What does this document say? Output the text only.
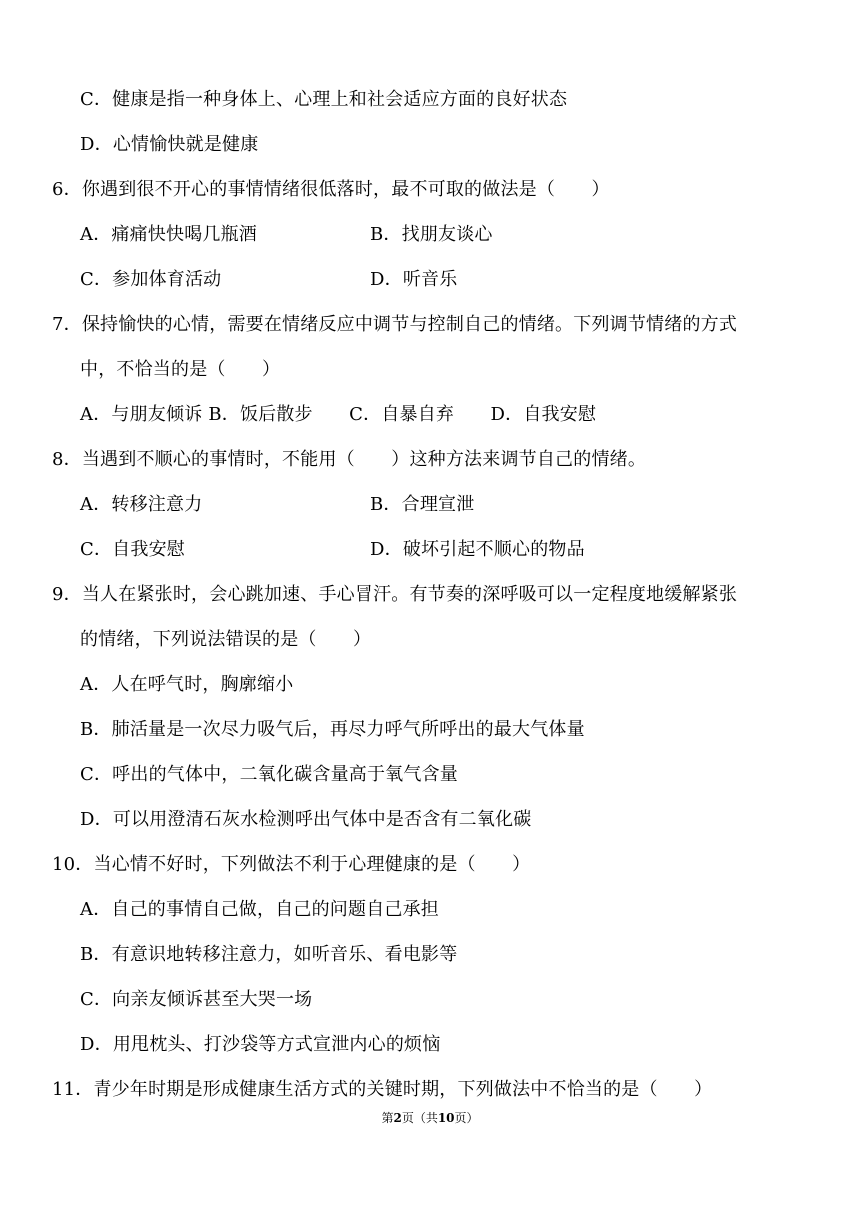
C．健康是指一种身体上、心理上和社会适应方面的良好状态
D．心情愉快就是健康
6．你遇到很不开心的事情情绪很低落时，最不可取的做法是（　　）
A．痛痛快快喝几瓶酒	B．找朋友谈心
C．参加体育活动	D．听音乐
7．保持愉快的心情，需要在情绪反应中调节与控制自己的情绪。下列调节情绪的方式
中，不恰当的是（　　）
A．与朋友倾诉 B．饭后散步　　C．自暴自弃　　D．自我安慰
8．当遇到不顺心的事情时，不能用（　　）这种方法来调节自己的情绪。
A．转移注意力	B．合理宣泄
C．自我安慰	D．破坏引起不顺心的物品
9．当人在紧张时，会心跳加速、手心冒汗。有节奏的深呼吸可以一定程度地缓解紧张
的情绪，下列说法错误的是（　　）
A．人在呼气时，胸廓缩小
B．肺活量是一次尽力吸气后，再尽力呼气所呼出的最大气体量
C．呼出的气体中，二氧化碳含量高于氧气含量
D．可以用澄清石灰水检测呼出气体中是否含有二氧化碳
10．当心情不好时，下列做法不利于心理健康的是（　　）
A．自己的事情自己做，自己的问题自己承担
B．有意识地转移注意力，如听音乐、看电影等
C．向亲友倾诉甚至大哭一场
D．用甩枕头、打沙袋等方式宣泄内心的烦恼
11．青少年时期是形成健康生活方式的关键时期，下列做法中不恰当的是（　　）
第2页（共10页）
